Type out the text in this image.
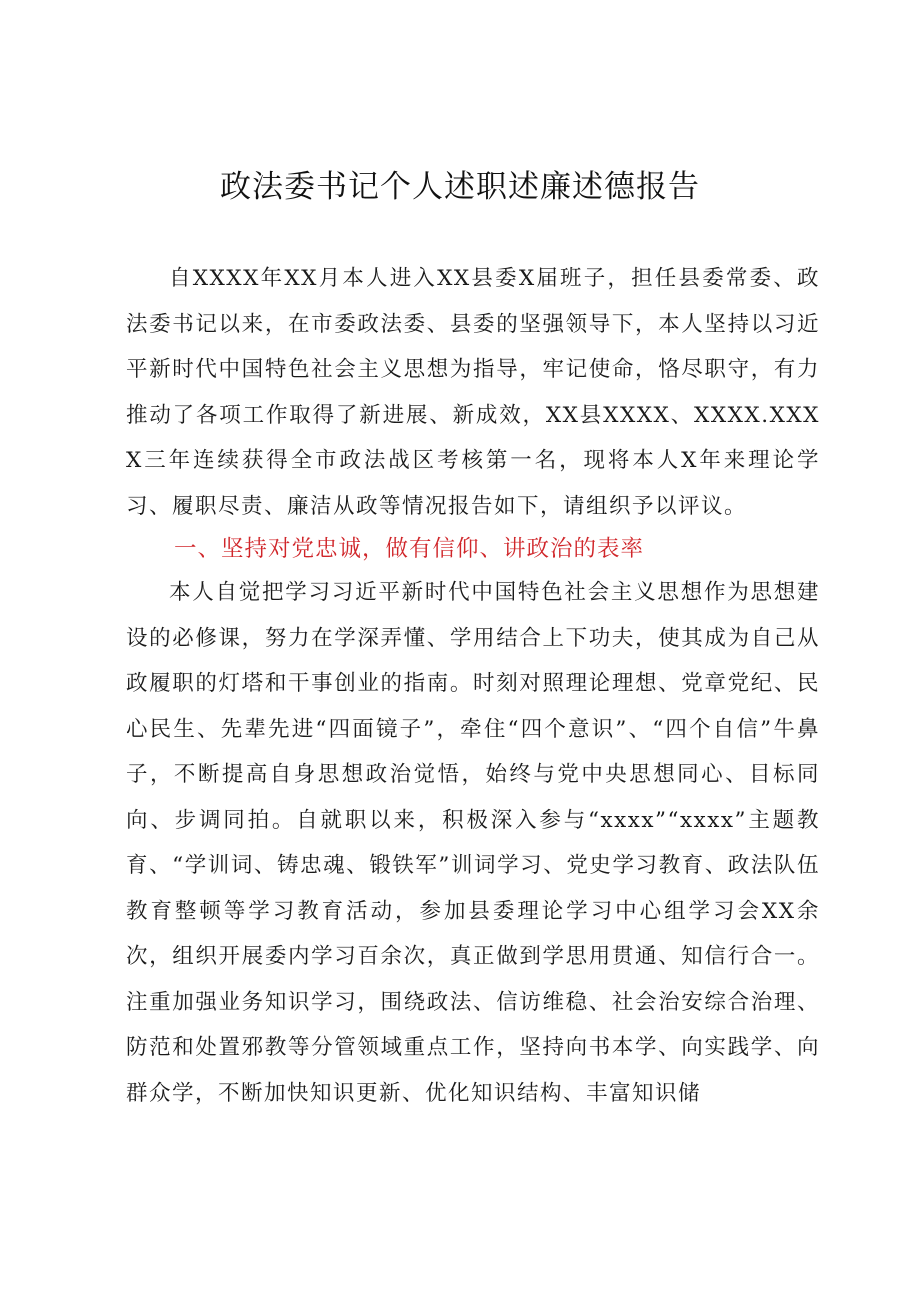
政法委书记个人述职述廉述德报告

自XXXX年XX月本人进入XX县委X届班子，担任县委常委、政法委书记以来，在市委政法委、县委的坚强领导下，本人坚持以习近平新时代中国特色社会主义思想为指导，牢记使命，恪尽职守，有力推动了各项工作取得了新进展、新成效，XX县XXXX、XXXX.XXXX三年连续获得全市政法战区考核第一名，现将本人X年来理论学习、履职尽责、廉洁从政等情况报告如下，请组织予以评议。

一、坚持对党忠诚，做有信仰、讲政治的表率

本人自觉把学习习近平新时代中国特色社会主义思想作为思想建设的必修课，努力在学深弄懂、学用结合上下功夫，使其成为自己从政履职的灯塔和干事创业的指南。时刻对照理论理想、党章党纪、民心民生、先辈先进“四面镜子”，牵住“四个意识”、“四个自信”牛鼻子，不断提高自身思想政治觉悟，始终与党中央思想同心、目标同向、步调同拍。自就职以来，积极深入参与“xxxx”“xxxx”主题教育、“学训词、铸忠魂、锻铁军”训词学习、党史学习教育、政法队伍教育整顿等学习教育活动，参加县委理论学习中心组学习会XX余次，组织开展委内学习百余次，真正做到学思用贯通、知信行合一。注重加强业务知识学习，围绕政法、信访维稳、社会治安综合治理、防范和处置邪教等分管领域重点工作，坚持向书本学、向实践学、向群众学，不断加快知识更新、优化知识结构、丰富知识储
